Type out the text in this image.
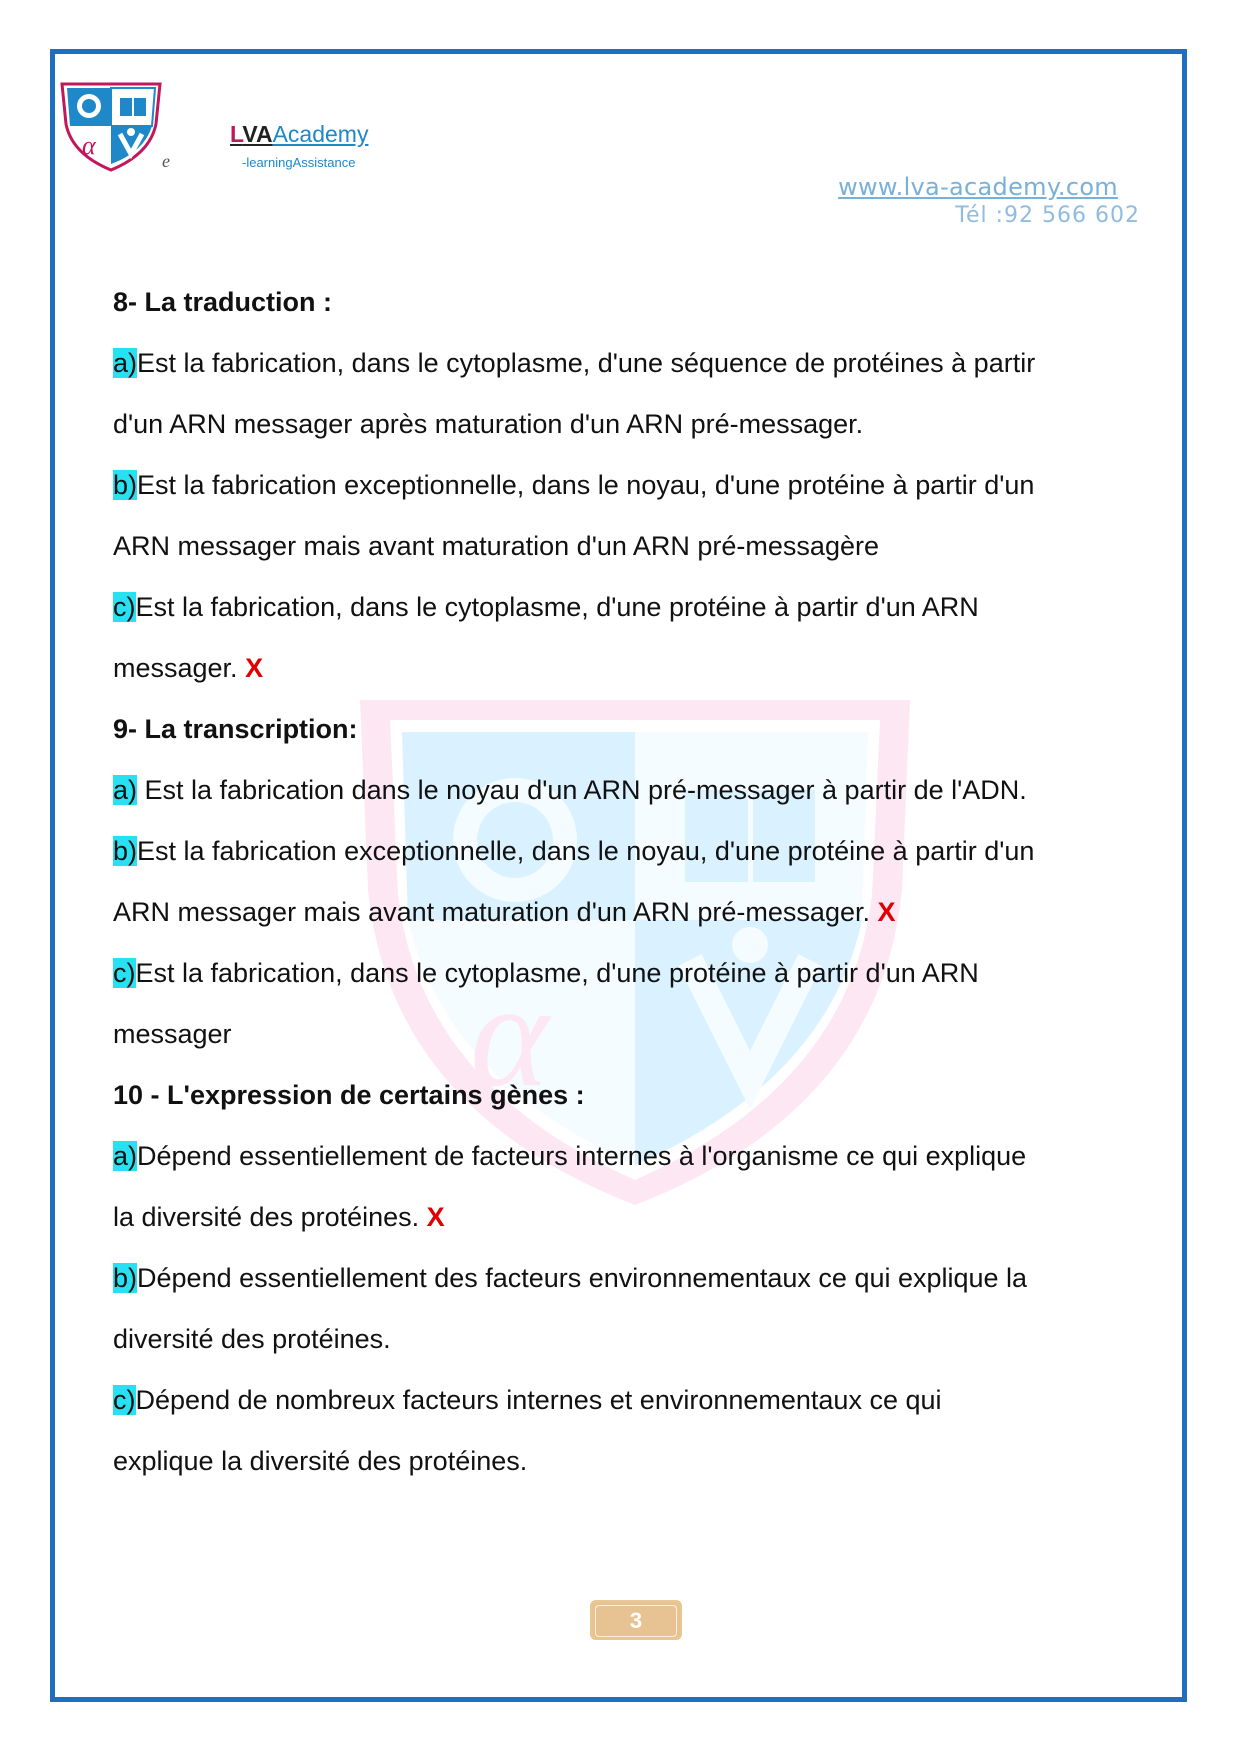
α
e
LVAAcademy
-learningAssistance
www.lva-academy.com
Tél :92 566 602
α

8- La traduction :

a)Est la fabrication, dans le cytoplasme, d'une séquence de protéines à partir

d'un ARN messager après maturation d'un ARN pré-messager.

b)Est la fabrication exceptionnelle, dans le noyau, d'une protéine à partir d'un

ARN messager mais avant maturation d'un ARN pré-messagère

c)Est la fabrication, dans le cytoplasme, d'une protéine à partir d'un ARN

messager. X

9- La transcription:

a) Est la fabrication dans le noyau d'un ARN pré-messager à partir de l'ADN.

b)Est la fabrication exceptionnelle, dans le noyau, d'une protéine à partir d'un

ARN messager mais avant maturation d'un ARN pré-messager. X

c)Est la fabrication, dans le cytoplasme, d'une protéine à partir d'un ARN

messager

10 - L'expression de certains gènes :

a)Dépend essentiellement de facteurs internes à l'organisme ce qui explique

la diversité des protéines. X

b)Dépend essentiellement des facteurs environnementaux ce qui explique la

diversité des protéines.

c)Dépend de nombreux facteurs internes et environnementaux ce qui

explique la diversité des protéines.

3
